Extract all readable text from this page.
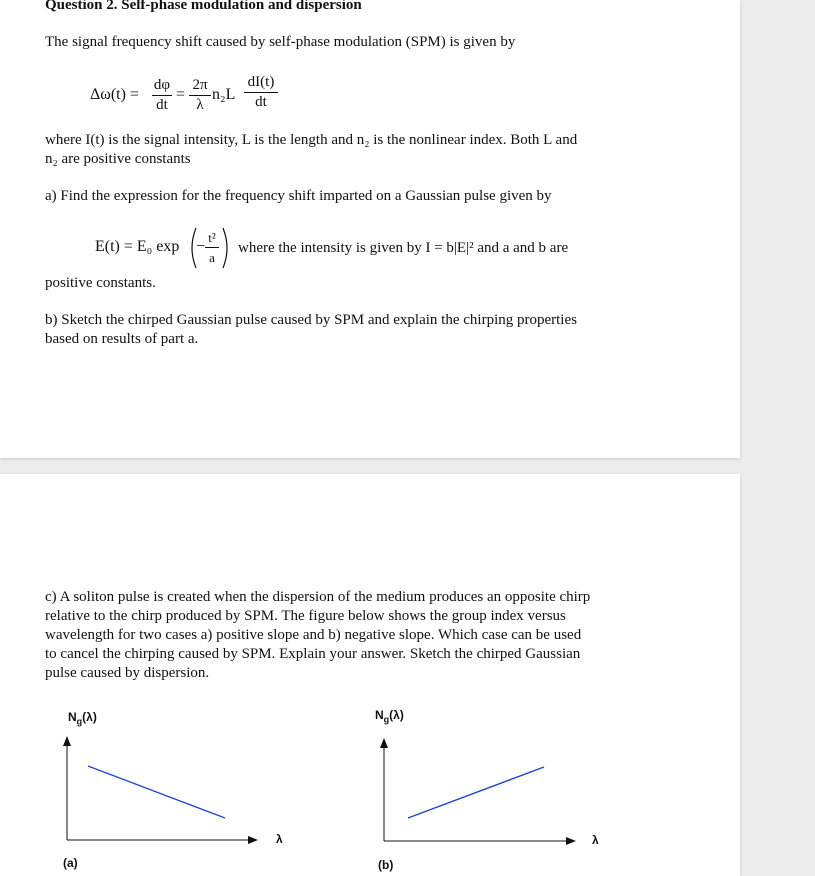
Question 2. Self-phase modulation and dispersion
The signal frequency shift caused by self-phase modulation (SPM) is given by
Δω(t) =
dφ
dt
=
2π
λ
n₂L
dI(t)
dt
where I(t) is the signal intensity, L is the length and n₂ is the nonlinear index. Both L and
n₂ are positive constants
a) Find the expression for the frequency shift imparted on a Gaussian pulse given by
E(t) = E₀ exp −
t²
a
where the intensity is given by I = b|E|² and a and b are
positive constants.
b) Sketch the chirped Gaussian pulse caused by SPM and explain the chirping properties
based on results of part a.
c) A soliton pulse is created when the dispersion of the medium produces an opposite chirp
relative to the chirp produced by SPM. The figure below shows the group index versus
wavelength for two cases a) positive slope and b) negative slope. Which case can be used
to cancel the chirping caused by SPM. Explain your answer. Sketch the chirped Gaussian
pulse caused by dispersion.
$N_g(\lambda)$
λ
(a)
$N_g(\lambda)$
λ
(b)
